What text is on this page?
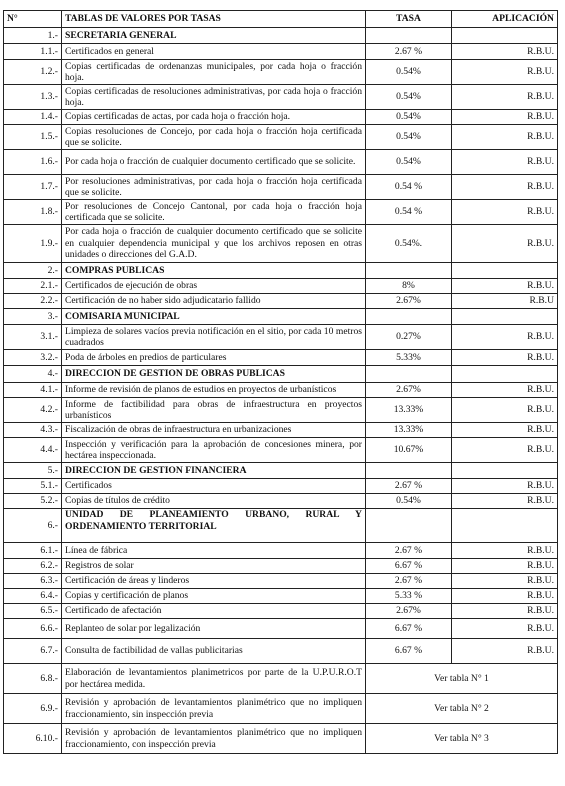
N°	TABLAS DE VALORES POR TASAS	TASA	APLICACIÓN
1.-	SECRETARIA GENERAL		
1.1.-	Certificados en general	2.67 %	R.B.U.
1.2.-	Copias certificadas de ordenanzas municipales, por cada hoja o fracción hoja.	0.54%	R.B.U.
1.3.-	Copias certificadas de resoluciones administrativas, por cada hoja o fracción hoja.	0.54%	R.B.U.
1.4.-	Copias certificadas de actas, por cada hoja o fracción hoja.	0.54%	R.B.U.
1.5.-	Copias resoluciones de Concejo, por cada hoja o fracción hoja certificada que se solicite.	0.54%	R.B.U.
1.6.-	Por cada hoja o fracción de cualquier documento certificado que se solicite.	0.54%	R.B.U.
1.7.-	Por resoluciones administrativas, por cada hoja o fracción hoja certificada que se solicite.	0.54 %	R.B.U.
1.8.-	Por resoluciones de Concejo Cantonal, por cada hoja o fracción hoja certificada que se solicite.	0.54 %	R.B.U.
1.9.-	Por cada hoja o fracción de cualquier documento certificado que se solicite en cualquier dependencia municipal y que los archivos reposen en otras unidades o direcciones del G.A.D.	0.54%.	R.B.U.
2.-	COMPRAS PUBLICAS		
2.1.-	Certificados de ejecución de obras	8%	R.B.U.
2.2.-	Certificación de no haber sido adjudicatario fallido	2.67%	R.B.U
3.-	COMISARIA MUNICIPAL		
3.1.-	Limpieza de solares vacíos previa notificación en el sitio, por cada 10 metros cuadrados	0.27%	R.B.U.
3.2.-	Poda de árboles en predios de particulares	5.33%	R.B.U.
4.-	DIRECCION DE GESTION DE OBRAS PUBLICAS		
4.1.-	Informe de revisión de planos de estudios en proyectos de urbanísticos	2.67%	R.B.U.
4.2.-	Informe de factibilidad para obras de infraestructura en proyectos urbanísticos	13.33%	R.B.U.
4.3.-	Fiscalización de obras de infraestructura en urbanizaciones	13.33%	R.B.U.
4.4.-	Inspección y verificación para la aprobación de concesiones minera, por hectárea inspeccionada.	10.67%	R.B.U.
5.-	DIRECCION DE GESTION FINANCIERA		
5.1.-	Certificados	2.67 %	R.B.U.
5.2.-	Copias de títulos de crédito	0.54%	R.B.U.
6.-	UNIDAD DE PLANEAMIENTO URBANO, RURAL Y ORDENAMIENTO TERRITORIAL		
6.1.-	Línea de fábrica	2.67 %	R.B.U.
6.2.-	Registros de solar	6.67 %	R.B.U.
6.3.-	Certificación de áreas y linderos	2.67 %	R.B.U.
6.4.-	Copias y certificación de planos	5.33 %	R.B.U.
6.5.-	Certificado de afectación	2.67%	R.B.U.
6.6.-	Replanteo de solar por legalización	6.67 %	R.B.U.
6.7.-	Consulta de factibilidad de vallas publicitarias	6.67 %	R.B.U.
6.8.-	Elaboración de levantamientos planimetricos por parte de la U.P.U.R.O.T por hectárea medida.	Ver tabla N° 1	
6.9.-	Revisión y aprobación de levantamientos planimétrico que no impliquen fraccionamiento, sin inspección previa	Ver tabla N° 2	
6.10.-	Revisión y aprobación de levantamientos planimétrico que no impliquen fraccionamiento, con inspección previa	Ver tabla N° 3	
